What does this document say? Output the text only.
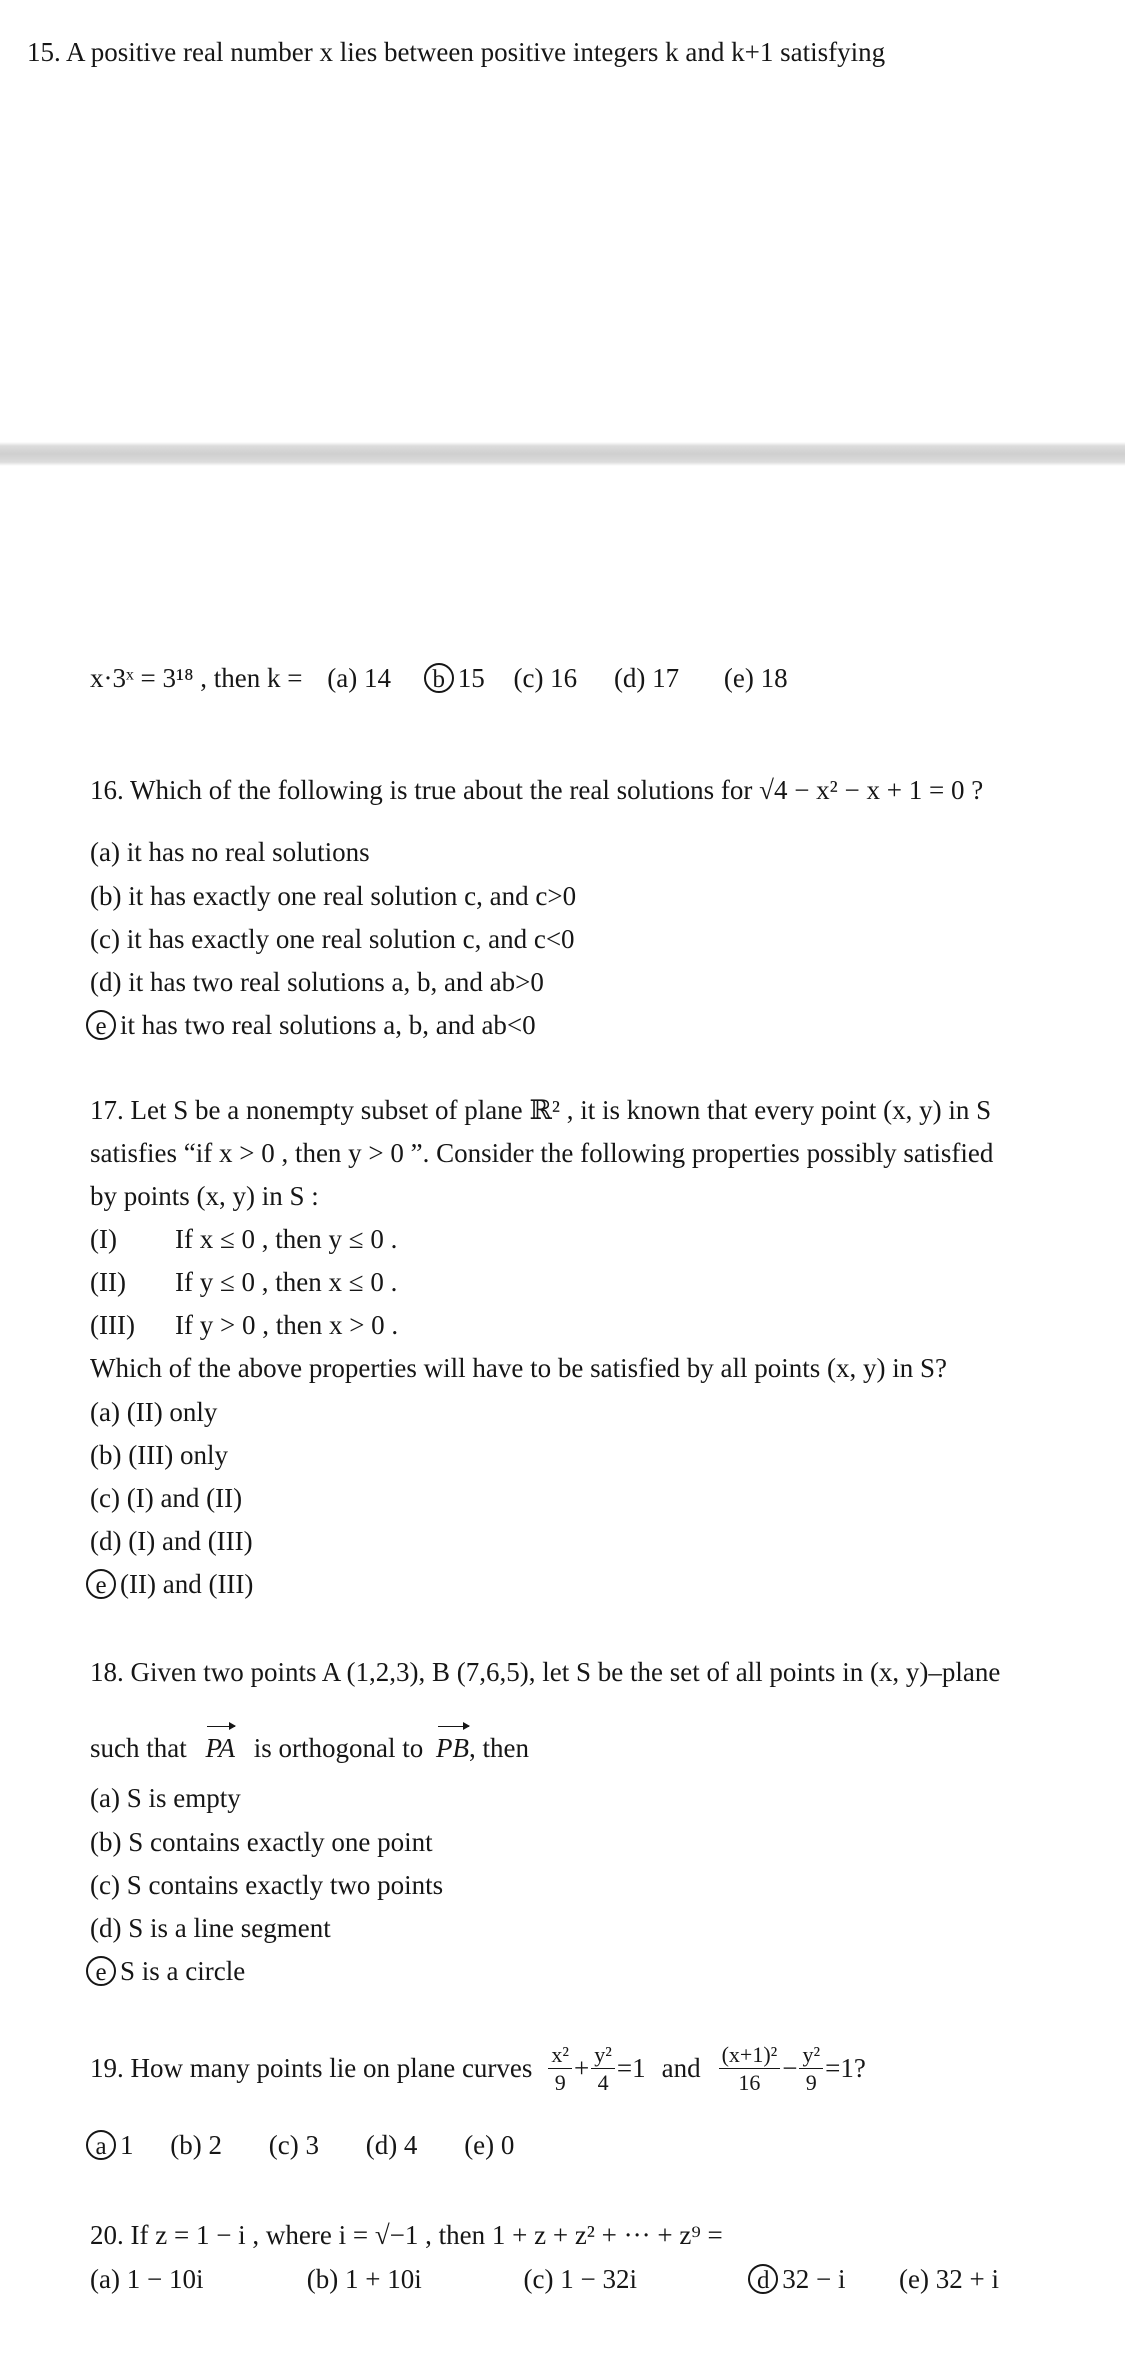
15. A positive real number x lies between positive integers k and k+1 satisfying
x·3ˣ = 3¹⁸ , then k = (a) 14 b 15 (c) 16 (d) 17 (e) 18
16. Which of the following is true about the real solutions for √4 − x² − x + 1 = 0 ?
(a) it has no real solutions
(b) it has exactly one real solution c, and c>0
(c) it has exactly one real solution c, and c<0
(d) it has two real solutions a, b, and ab>0
e it has two real solutions a, b, and ab<0
17. Let S be a nonempty subset of plane ℝ² , it is known that every point (x, y) in S
satisfies “if x > 0 , then y > 0 ”. Consider the following properties possibly satisfied
by points (x, y) in S :
(I) If x ≤ 0 , then y ≤ 0 .
(II) If y ≤ 0 , then x ≤ 0 .
(III) If y > 0 , then x > 0 .
Which of the above properties will have to be satisfied by all points (x, y) in S?
(a) (II) only
(b) (III) only
(c) (I) and (II)
(d) (I) and (III)
e (II) and (III)
18. Given two points A (1,2,3), B (7,6,5), let S be the set of all points in (x, y)–plane
such that PA is orthogonal to PB, then
(a) S is empty
(b) S contains exactly one point
(c) S contains exactly two points
(d) S is a line segment
e S is a circle
19. How many points lie on plane curves $\frac{\text{x²}}{9} + \frac{\text{y²}}{4} =1$ and $\frac{\text{(x+1)²}}{16} - \frac{\text{y²}}{9} =1$?
a 1 (b) 2 (c) 3 (d) 4 (e) 0
20. If z = 1 − i , where i = √−1 , then 1 + z + z² + ··· + z⁹ =
(a) 1 − 10i	(b) 1 + 10i	(c) 1 − 32i	d 32 − i (e) 32 + i
